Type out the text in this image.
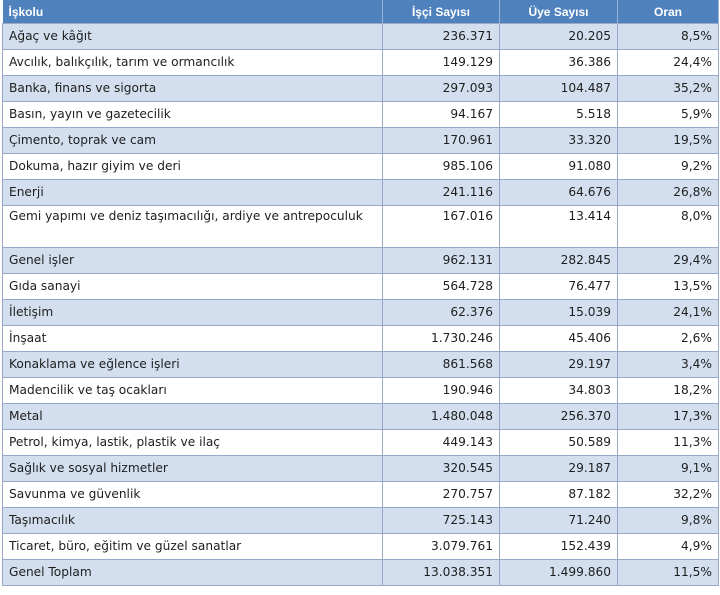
İşkolu	İşçi Sayısı	Üye Sayısı	Oran
Ağaç ve kâğıt	236.371	20.205	8,5%
Avcılık, balıkçılık, tarım ve ormancılık	149.129	36.386	24,4%
Banka, finans ve sigorta	297.093	104.487	35,2%
Basın, yayın ve gazetecilik	94.167	5.518	5,9%
Çimento, toprak ve cam	170.961	33.320	19,5%
Dokuma, hazır giyim ve deri	985.106	91.080	9,2%
Enerji	241.116	64.676	26,8%
Gemi yapımı ve deniz taşımacılığı, ardiye ve antrepoculuk	167.016	13.414	8,0%
Genel işler	962.131	282.845	29,4%
Gıda sanayi	564.728	76.477	13,5%
İletişim	62.376	15.039	24,1%
İnşaat	1.730.246	45.406	2,6%
Konaklama ve eğlence işleri	861.568	29.197	3,4%
Madencilik ve taş ocakları	190.946	34.803	18,2%
Metal	1.480.048	256.370	17,3%
Petrol, kimya, lastik, plastik ve ilaç	449.143	50.589	11,3%
Sağlık ve sosyal hizmetler	320.545	29.187	9,1%
Savunma ve güvenlik	270.757	87.182	32,2%
Taşımacılık	725.143	71.240	9,8%
Ticaret, büro, eğitim ve güzel sanatlar	3.079.761	152.439	4,9%
Genel Toplam	13.038.351	1.499.860	11,5%
